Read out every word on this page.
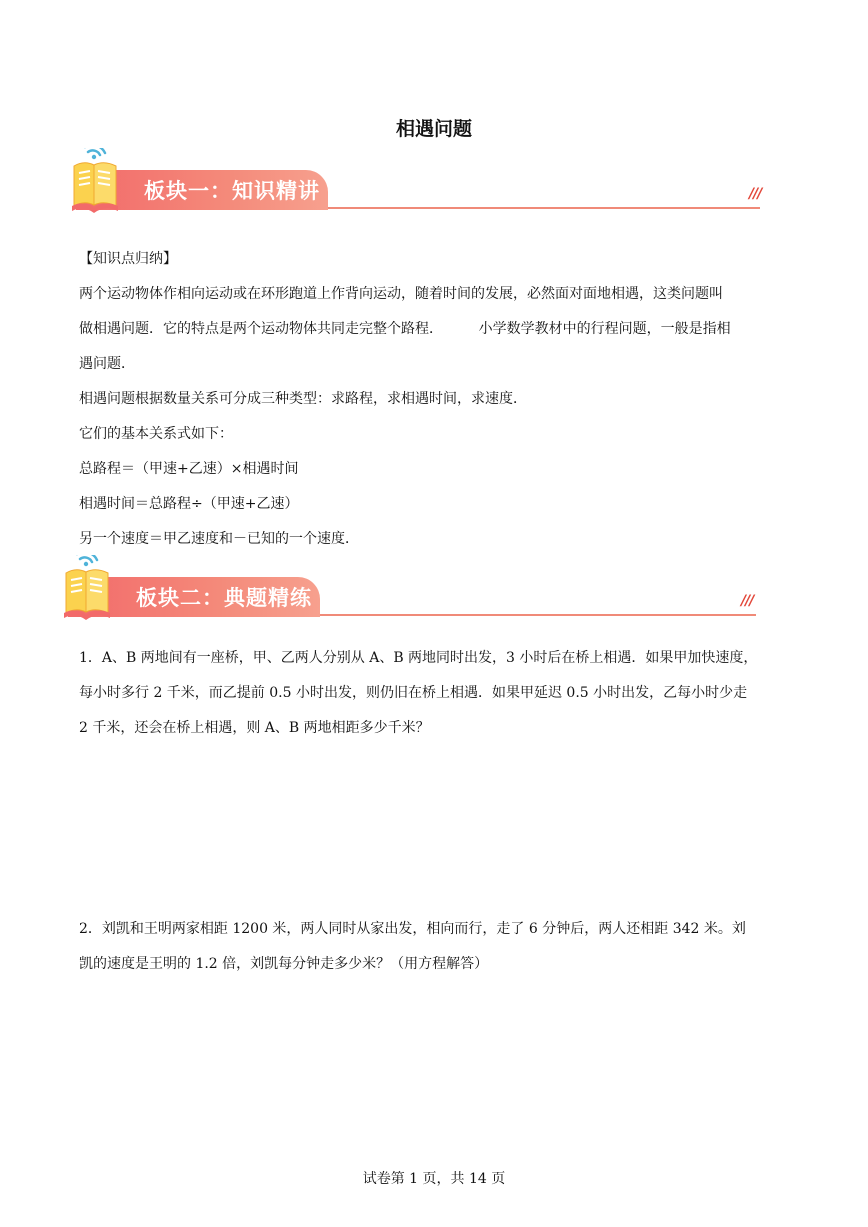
相遇问题
板块一：知识精讲	///

【知识点归纳】

两个运动物体作相向运动或在环形跑道上作背向运动，随着时间的发展，必然面对面地相遇，这类问题叫

做相遇问题．它的特点是两个运动物体共同走完整个路程．        小学数学教材中的行程问题，一般是指相

遇问题．

相遇问题根据数量关系可分成三种类型：求路程，求相遇时间，求速度．

它们的基本关系式如下：

总路程＝（甲速+乙速）×相遇时间

相遇时间＝总路程÷（甲速+乙速）

另一个速度＝甲乙速度和－已知的一个速度．

板块二：典题精练	///

1．A、B 两地间有一座桥，甲、乙两人分别从 A、B 两地同时出发，3 小时后在桥上相遇．如果甲加快速度，

每小时多行 2 千米，而乙提前 0.5 小时出发，则仍旧在桥上相遇．如果甲延迟 0.5 小时出发，乙每小时少走

2 千米，还会在桥上相遇，则 A、B 两地相距多少千米？

2．刘凯和王明两家相距 1200 米，两人同时从家出发，相向而行，走了 6 分钟后，两人还相距 342 米。刘

凯的速度是王明的 1.2 倍，刘凯每分钟走多少米？（用方程解答）

试卷第 1 页，共 14 页
